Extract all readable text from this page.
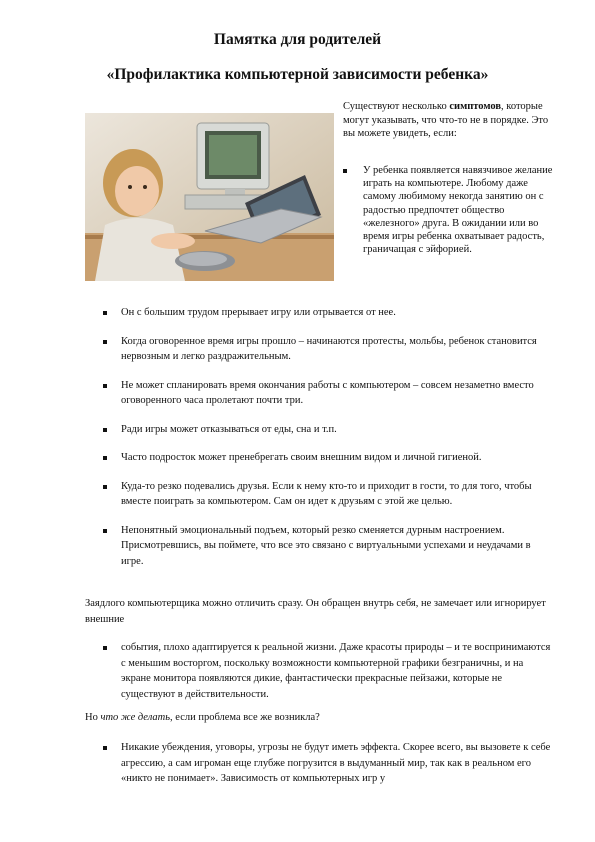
Памятка для родителей
«Профилактика компьютерной зависимости ребенка»

Существуют несколько симптомов, которые могут указывать, что что-то не в порядке. Это вы можете увидеть, если:

У ребенка появляется навязчивое желание играть на компьютере. Любому даже самому любимому некогда занятию он с радостью предпочтет общество «железного» друга. В ожидании или во время игры ребенка охватывает радость, граничащая с эйфорией.
Он с большим трудом прерывает игру или отрывается от нее.
Когда оговоренное время игры прошло – начинаются протесты, мольбы, ребенок становится нервозным и легко раздражительным.
Не может спланировать время окончания работы с компьютером – совсем незаметно вместо оговоренного часа пролетают почти три.
Ради игры может отказываться от еды, сна и т.п.
Часто подросток может пренебрегать своим внешним видом и личной гигиеной.
Куда-то резко подевались друзья. Если к нему кто-то и приходит в гости, то для того, чтобы вместе поиграть за компьютером. Сам он идет к друзьям с этой же целью.
Непонятный эмоциональный подъем, который резко сменяется дурным настроением. Присмотревшись, вы поймете, что все это связано с виртуальными успехами и неудачами в игре.

Заядлого компьютерщика можно отличить сразу. Он обращен внутрь себя, не замечает или игнорирует внешние

события, плохо адаптируется к реальной жизни. Даже красоты природы – и те воспринимаются с меньшим восторгом, поскольку возможности компьютерной графики безграничны, и на экране монитора появляются дикие, фантастически прекрасные пейзажи, которые не существуют в действительности.

Но что же делать, если проблема все же возникла?

Никакие убеждения, уговоры, угрозы не будут иметь эффекта. Скорее всего, вы вызовете к себе агрессию, а сам игроман еще глубже погрузится в выдуманный мир, так как в реальном его «никто не понимает». Зависимость от компьютерных игр у
